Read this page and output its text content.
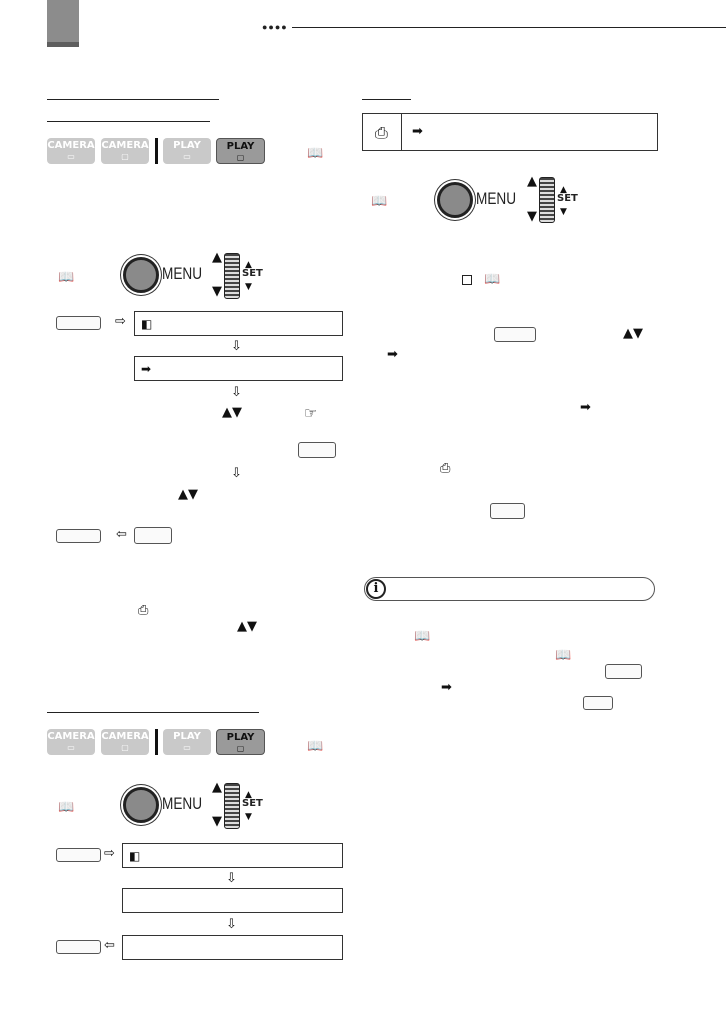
●●●●
CAMERA
▭
CAMERA
▢
PLAY
▭
PLAY
▢	📖
📖	MENU
▲
▼
▲
SET
▼
⇨ ◧
⇩
➡
⇩
▲▼	☞
⇩
▲▼
⇦
⎙
▲▼
CAMERA
▭
CAMERA
▢
PLAY
▭
PLAY
▢	📖
📖	MENU
▲
▼
▲
SET
▼
⇨ ◧
⇩
⇩
⇦
⎙ ➡
📖	MENU
▲
▼
▲
SET
▼
📖
▲▼
➡
➡
⎙
i
📖
📖
➡
